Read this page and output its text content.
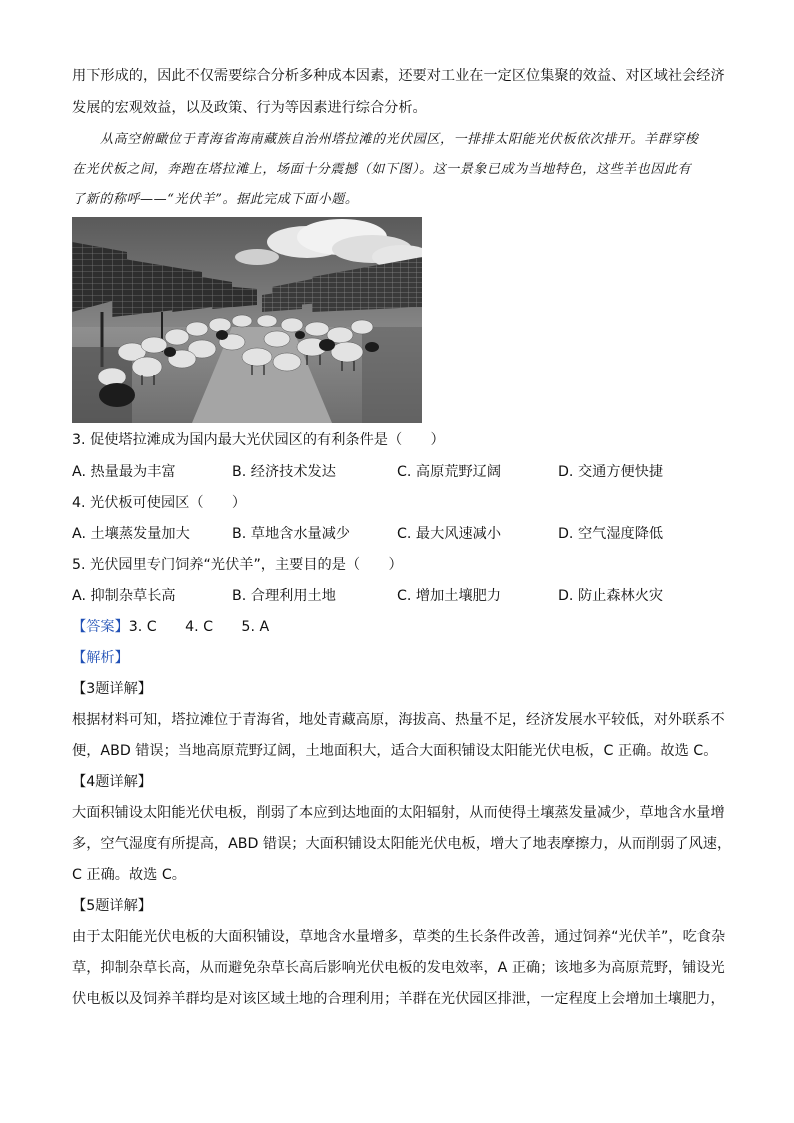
用下形成的，因此不仅需要综合分析多种成本因素，还要对工业在一定区位集聚的效益、对区域社会经济
发展的宏观效益，以及政策、行为等因素进行综合分析。
从高空俯瞰位于青海省海南藏族自治州塔拉滩的光伏园区，一排排太阳能光伏板依次排开。羊群穿梭
在光伏板之间，奔跑在塔拉滩上，场面十分震撼（如下图）。这一景象已成为当地特色，这些羊也因此有
了新的称呼——“光伏羊”。据此完成下面小题。
3. 促使塔拉滩成为国内最大光伏园区的有利条件是（　　）
A. 热量最为丰富	B. 经济技术发达	C. 高原荒野辽阔	D. 交通方便快捷
4. 光伏板可使园区（　　）
A. 土壤蒸发量加大	B. 草地含水量减少	C. 最大风速减小	D. 空气湿度降低
5. 光伏园里专门饲养“光伏羊”，主要目的是（　　）
A. 抑制杂草长高	B. 合理利用土地	C. 增加土壤肥力	D. 防止森林火灾
【答案】3. C　　4. C　　5. A
【解析】
【3题详解】
根据材料可知，塔拉滩位于青海省，地处青藏高原，海拔高、热量不足，经济发展水平较低，对外联系不
便，ABD 错误；当地高原荒野辽阔，土地面积大，适合大面积铺设太阳能光伏电板，C 正确。故选 C。
【4题详解】
大面积铺设太阳能光伏电板，削弱了本应到达地面的太阳辐射，从而使得土壤蒸发量减少，草地含水量增
多，空气湿度有所提高，ABD 错误；大面积铺设太阳能光伏电板，增大了地表摩擦力，从而削弱了风速，
C 正确。故选 C。
【5题详解】
由于太阳能光伏电板的大面积铺设，草地含水量增多，草类的生长条件改善，通过饲养“光伏羊”，吃食杂
草，抑制杂草长高，从而避免杂草长高后影响光伏电板的发电效率，A 正确；该地多为高原荒野，铺设光
伏电板以及饲养羊群均是对该区域土地的合理利用；羊群在光伏园区排泄，一定程度上会增加土壤肥力，
